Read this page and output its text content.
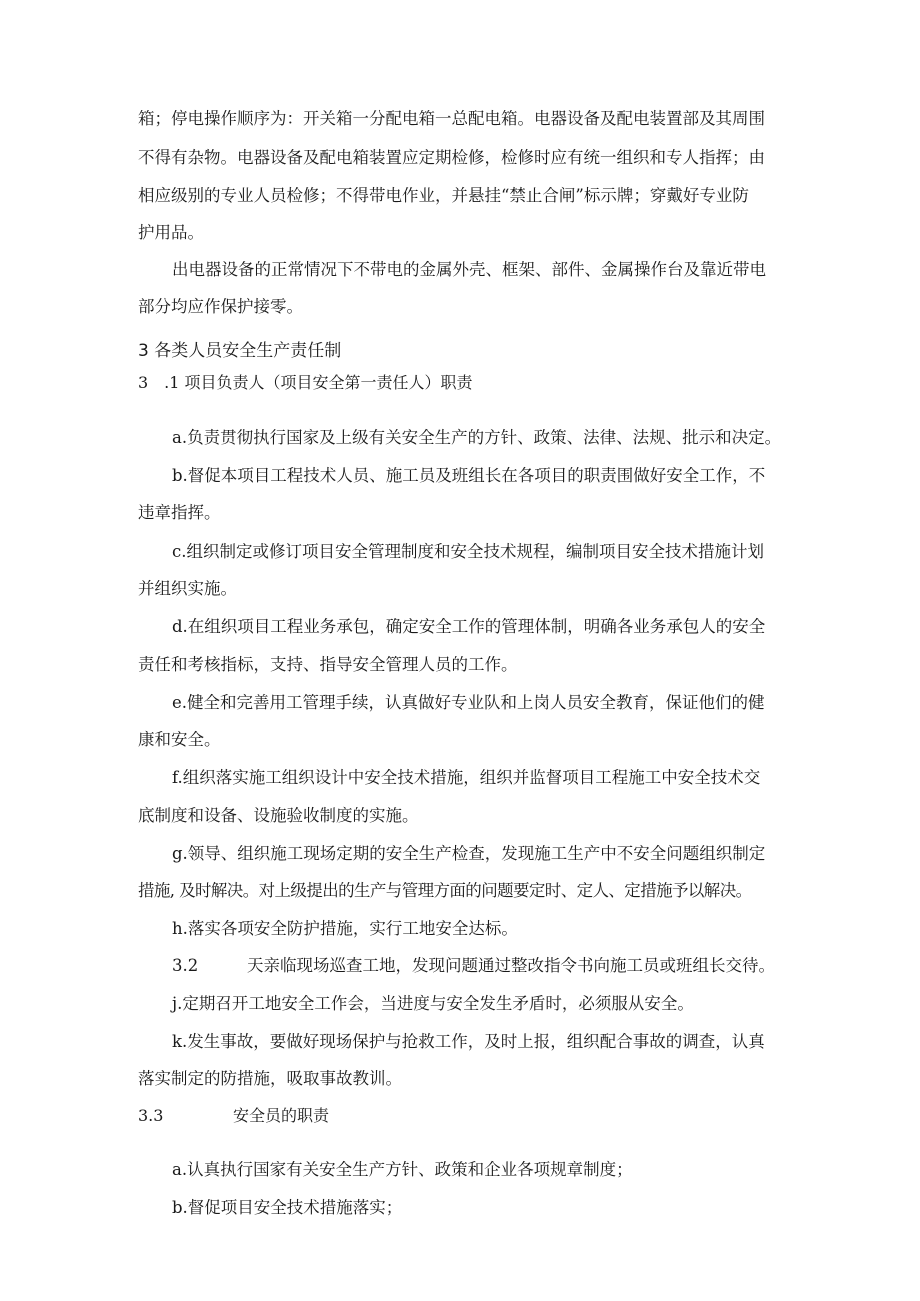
箱；停电操作顺序为：开关箱一分配电箱一总配电箱。电器设备及配电装置部及其周围
不得有杂物。电器设备及配电箱装置应定期检修，检修时应有统一组织和专人指挥；由
相应级别的专业人员检修；不得带电作业，并悬挂“禁止合闸”标示牌；穿戴好专业防
护用品。
出电器设备的正常情况下不带电的金属外壳、框架、部件、金属操作台及靠近带电
部分均应作保护接零。
3 各类人员安全生产责任制
3　.1 项目负责人（项目安全第一责任人）职责
a.负责贯彻执行国家及上级有关安全生产的方针、政策、法律、法规、批示和决定。
b.督促本项目工程技术人员、施工员及班组长在各项目的职责围做好安全工作，不
违章指挥。
c.组织制定或修订项目安全管理制度和安全技术规程，编制项目安全技术措施计划
并组织实施。
d.在组织项目工程业务承包，确定安全工作的管理体制，明确各业务承包人的安全
责任和考核指标，支持、指导安全管理人员的工作。
e.健全和完善用工管理手续，认真做好专业队和上岗人员安全教育，保证他们的健
康和安全。
f.组织落实施工组织设计中安全技术措施，组织并监督项目工程施工中安全技术交
底制度和设备、设施验收制度的实施。
g.领导、组织施工现场定期的安全生产检查，发现施工生产中不安全问题组织制定
措施, 及时解决。对上级提出的生产与管理方面的问题要定时、定人、定措施予以解决。
h.落实各项安全防护措施，实行工地安全达标。
3.2	天亲临现场巡查工地，发现问题通过整改指令书向施工员或班组长交待。
j.定期召开工地安全工作会，当进度与安全发生矛盾时，必须服从安全。
k.发生事故，要做好现场保护与抢救工作，及时上报，组织配合事故的调查，认真
落实制定的防措施，吸取事故教训。
3.3	安全员的职责
a.认真执行国家有关安全生产方针、政策和企业各项规章制度；
b.督促项目安全技术措施落实；
